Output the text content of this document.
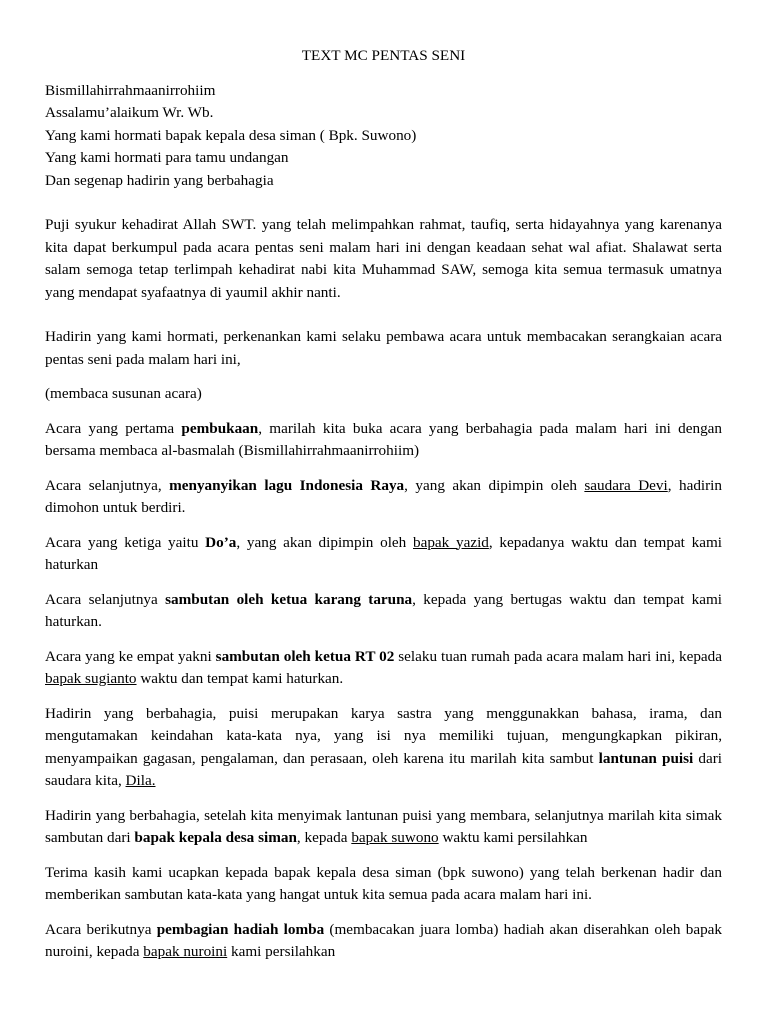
TEXT MC PENTAS SENI
Bismillahirrahmaanirrohiim
Assalamu’alaikum Wr. Wb.
Yang kami hormati bapak kepala desa siman ( Bpk. Suwono)
Yang kami hormati para tamu undangan
Dan segenap hadirin yang berbahagia

Puji syukur kehadirat Allah SWT. yang telah melimpahkan rahmat, taufiq, serta hidayahnya yang karenanya kita dapat berkumpul pada acara pentas seni malam hari ini dengan keadaan sehat wal afiat. Shalawat serta salam semoga tetap terlimpah kehadirat nabi kita Muhammad SAW, semoga kita semua termasuk umatnya yang mendapat syafaatnya di yaumil akhir nanti.

Hadirin yang kami hormati, perkenankan kami selaku pembawa acara untuk membacakan serangkaian acara pentas seni pada malam hari ini,

(membaca susunan acara)

Acara yang pertama pembukaan, marilah kita buka acara yang berbahagia pada malam hari ini dengan bersama membaca al-basmalah (Bismillahirrahmaanirrohiim)

Acara selanjutnya, menyanyikan lagu Indonesia Raya, yang akan dipimpin oleh saudara Devi, hadirin dimohon untuk berdiri.

Acara yang ketiga yaitu Do’a, yang akan dipimpin oleh bapak yazid, kepadanya waktu dan tempat kami haturkan

Acara selanjutnya sambutan oleh ketua karang taruna, kepada yang bertugas waktu dan tempat kami haturkan.

Acara yang ke empat yakni sambutan oleh ketua RT 02 selaku tuan rumah pada acara malam hari ini, kepada bapak sugianto waktu dan tempat kami haturkan.

Hadirin yang berbahagia, puisi merupakan karya sastra yang menggunakkan bahasa, irama, dan mengutamakan keindahan kata-kata nya, yang isi nya memiliki tujuan, mengungkapkan pikiran, menyampaikan gagasan, pengalaman, dan perasaan, oleh karena itu marilah kita sambut lantunan puisi dari saudara kita, Dila.

Hadirin yang berbahagia, setelah kita menyimak lantunan puisi yang membara, selanjutnya marilah kita simak sambutan dari bapak kepala desa siman, kepada bapak suwono waktu kami persilahkan

Terima kasih kami ucapkan kepada bapak kepala desa siman (bpk suwono) yang telah berkenan hadir dan memberikan sambutan kata-kata yang hangat untuk kita semua pada acara malam hari ini.

Acara berikutnya pembagian hadiah lomba (membacakan juara lomba) hadiah akan diserahkan oleh bapak nuroini, kepada bapak nuroini kami persilahkan
